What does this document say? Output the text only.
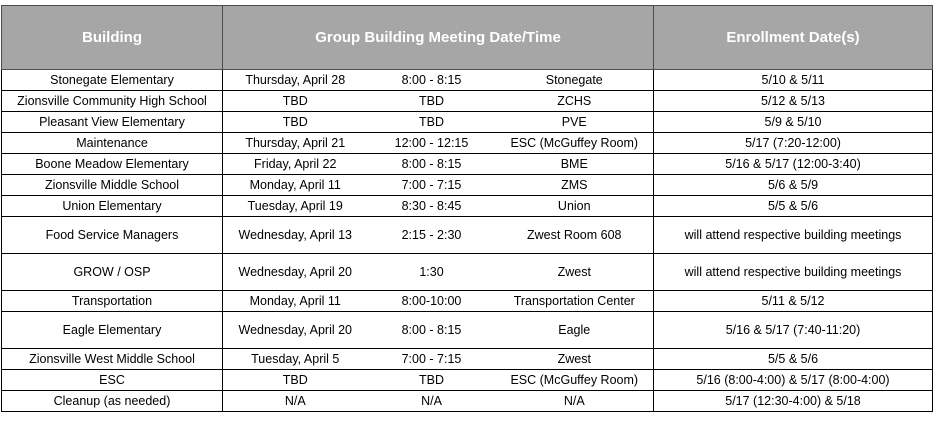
Building	Group Building Meeting Date/Time			Enrollment Date(s)
Stonegate Elementary	Thursday, April 28	8:00 - 8:15	Stonegate	5/10 & 5/11
Zionsville Community High School	TBD	TBD	ZCHS	5/12 & 5/13
Pleasant View Elementary	TBD	TBD	PVE	5/9 & 5/10
Maintenance	Thursday, April 21	12:00 - 12:15	ESC (McGuffey Room)	5/17 (7:20-12:00)
Boone Meadow Elementary	Friday, April 22	8:00 - 8:15	BME	5/16 & 5/17 (12:00-3:40)
Zionsville Middle School	Monday, April 11	7:00 - 7:15	ZMS	5/6 & 5/9
Union Elementary	Tuesday, April 19	8:30 - 8:45	Union	5/5 & 5/6
Food Service Managers	Wednesday, April 13	2:15 - 2:30	Zwest Room 608	will attend respective building meetings
GROW / OSP	Wednesday, April 20	1:30	Zwest	will attend respective building meetings
Transportation	Monday, April 11	8:00-10:00	Transportation Center	5/11 & 5/12
Eagle Elementary	Wednesday, April 20	8:00 - 8:15	Eagle	5/16 & 5/17 (7:40-11:20)
Zionsville West Middle School	Tuesday, April 5	7:00 - 7:15	Zwest	5/5 & 5/6
ESC	TBD	TBD	ESC (McGuffey Room)	5/16 (8:00-4:00) & 5/17 (8:00-4:00)
Cleanup (as needed)	N/A	N/A	N/A	5/17 (12:30-4:00) & 5/18
